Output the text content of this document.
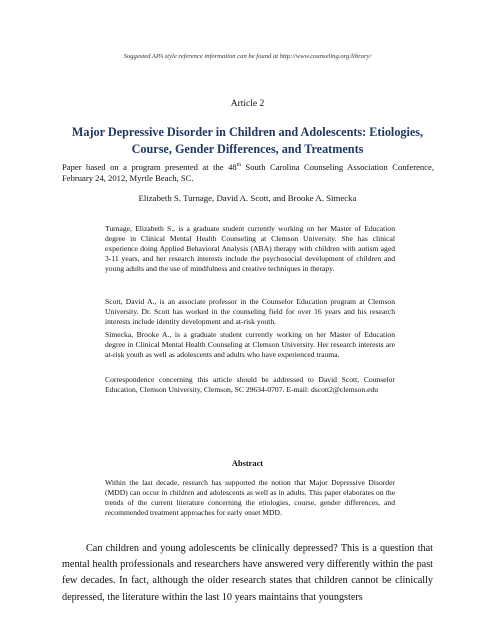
Suggested APA style reference information can be found at http://www.counseling.org/library/
Article 2
Major Depressive Disorder in Children and Adolescents: Etiologies, Course, Gender Differences, and Treatments
Paper based on a program presented at the 48th South Carolina Counseling Association Conference, February 24, 2012, Myrtle Beach, SC.
Elizabeth S. Turnage, David A. Scott, and Brooke A. Simecka

Turnage, Elizabeth S., is a graduate student currently working on her Master of Education degree in Clinical Mental Health Counseling at Clemson University. She has clinical experience doing Applied Behavioral Analysis (ABA) therapy with children with autism aged 3-11 years, and her research interests include the psychosocial development of children and young adults and the use of mindfulness and creative techniques in therapy.

Scott, David A., is an associate professor in the Counselor Education program at Clemson University. Dr. Scott has worked in the counseling field for over 16 years and his research interests include identity development and at-risk youth.

Simecka, Brooke A., is a graduate student currently working on her Master of Education degree in Clinical Mental Health Counseling at Clemson University. Her research interests are at-risk youth as well as adolescents and adults who have experienced trauma.

Correspondence concerning this article should be addressed to David Scott, Counselor Education, Clemson University, Clemson, SC 29634-0707. E-mail: dscott2@clemson.edu

Abstract

Within the last decade, research has supported the notion that Major Depressive Disorder (MDD) can occur in children and adolescents as well as in adults. This paper elaborates on the trends of the current literature concerning the etiologies, course, gender differences, and recommended treatment approaches for early onset MDD.

Can children and young adolescents be clinically depressed? This is a question that mental health professionals and researchers have answered very differently within the past few decades. In fact, although the older research states that children cannot be clinically depressed, the literature within the last 10 years maintains that youngsters
